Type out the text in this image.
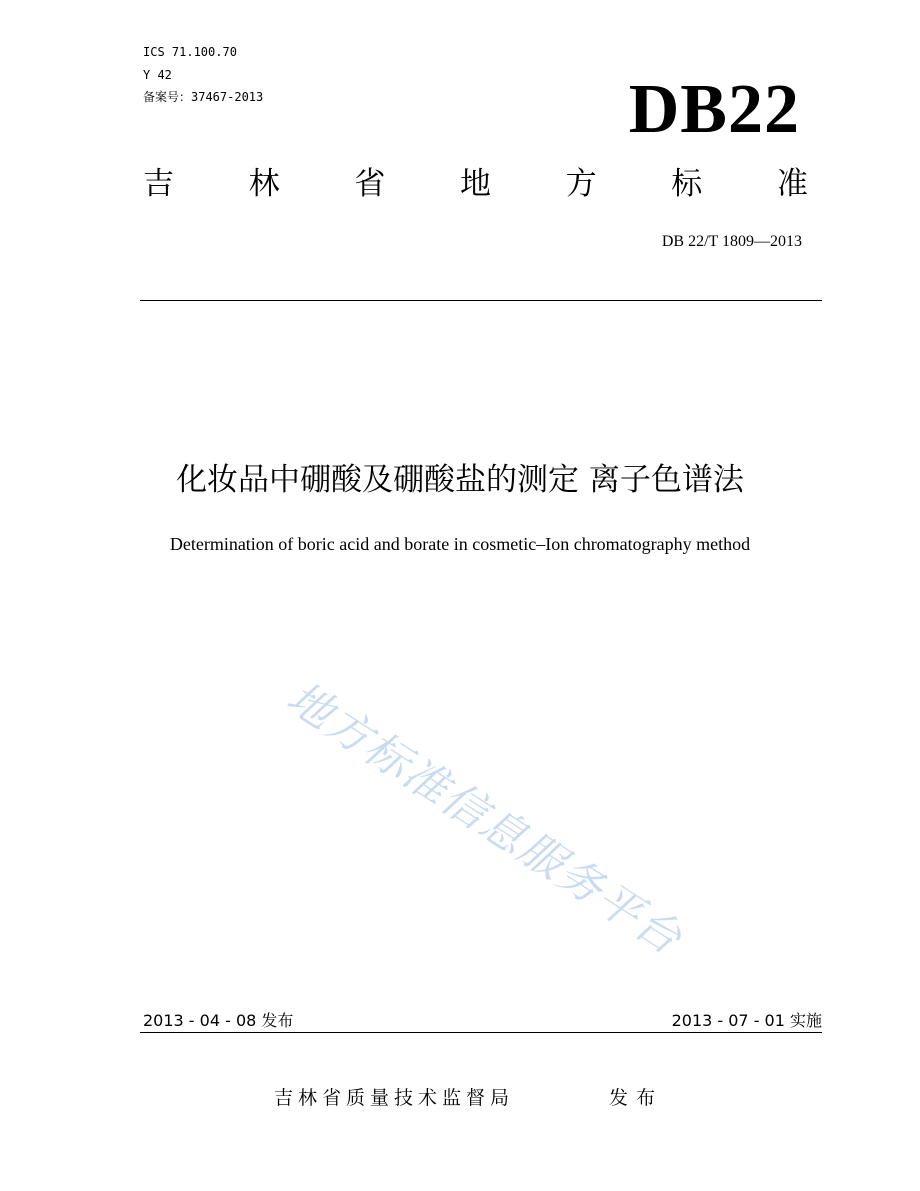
ICS 71.100.70
Y 42
备案号：37467-2013	DB22
吉 林 省 地 方 标 准
DB 22/T 1809—2013
化妆品中硼酸及硼酸盐的测定 离子色谱法
Determination of boric acid and borate in cosmetic–Ion chromatography method
地方标准信息服务平台
2013 - 04 - 08 发布	2013 - 07 - 01 实施
吉林省质量技术监督局	发布
